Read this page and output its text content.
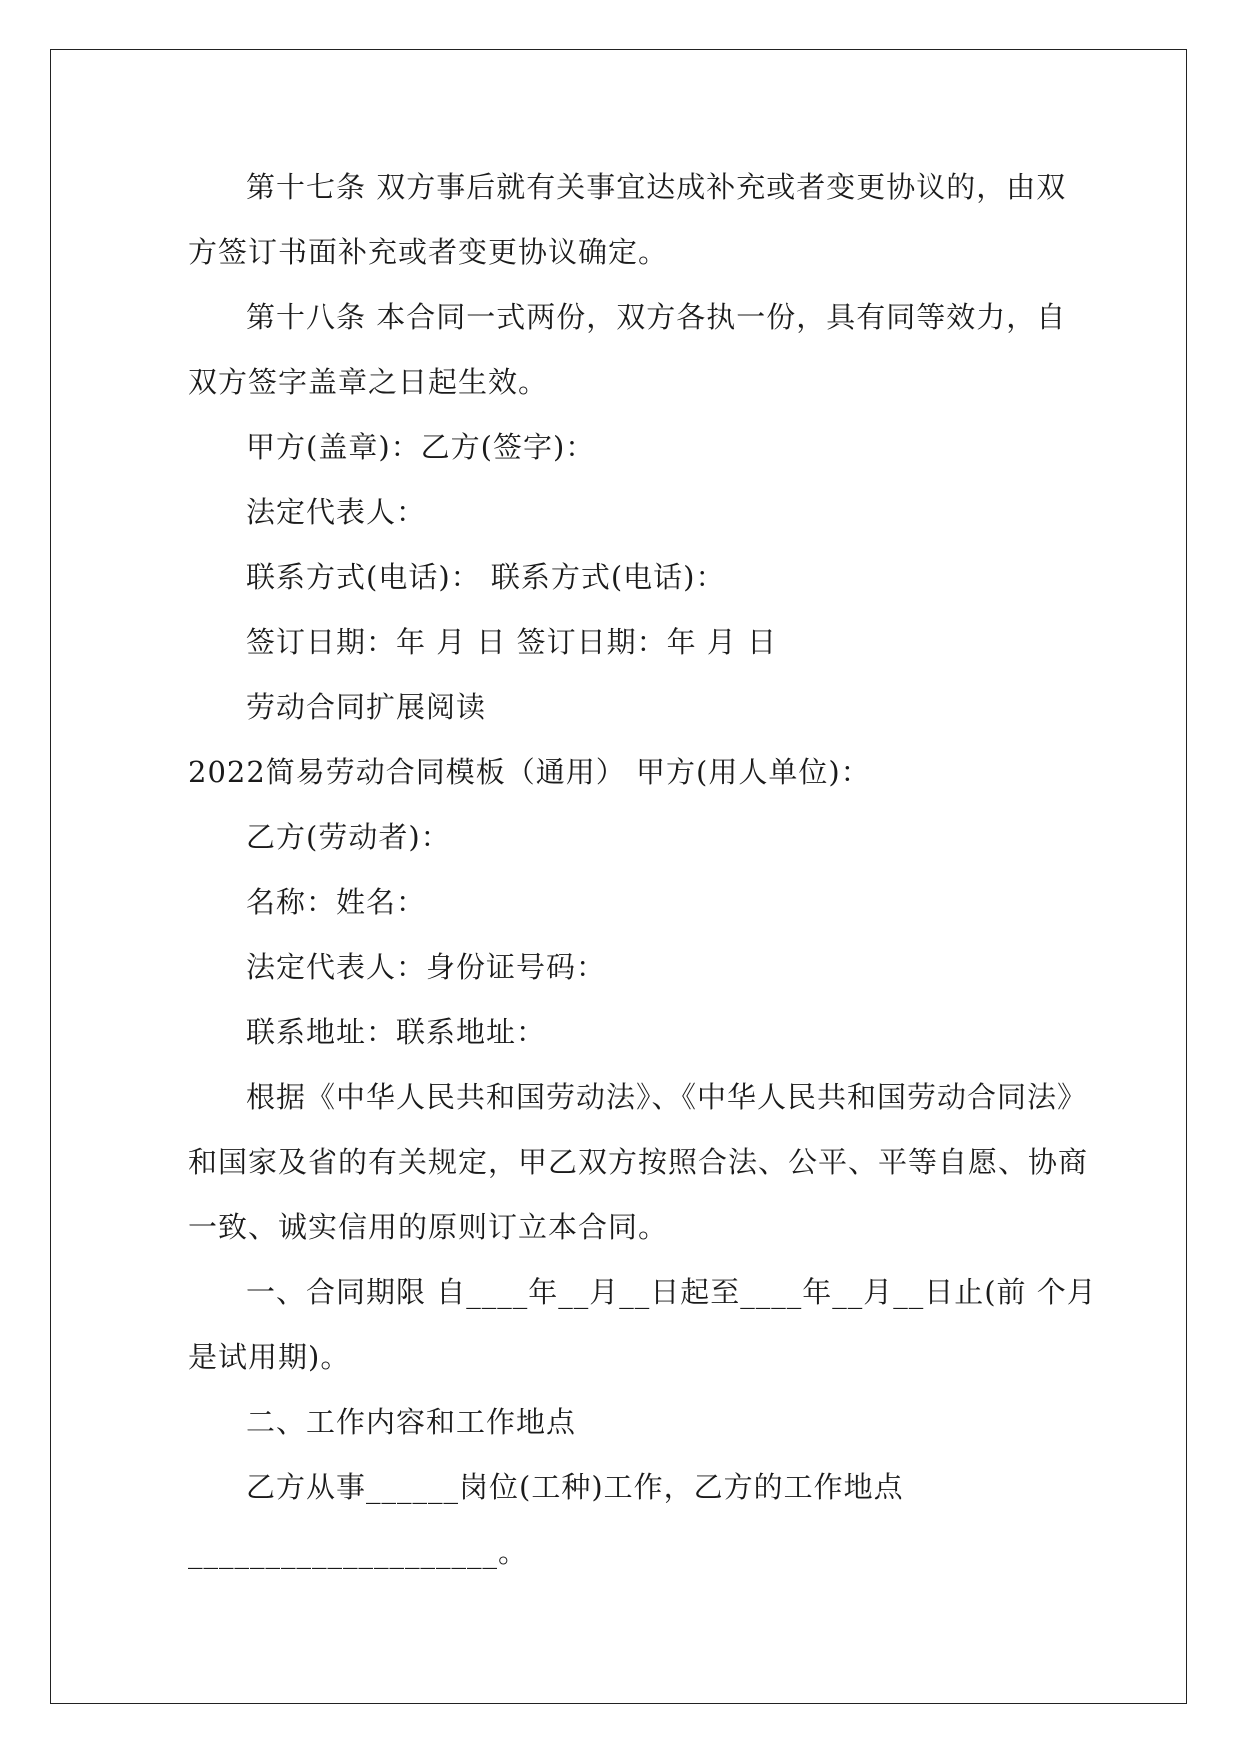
第十七条 双方事后就有关事宜达成补充或者变更协议的，由双
方签订书面补充或者变更协议确定。
第十八条 本合同一式两份，双方各执一份，具有同等效力，自
双方签字盖章之日起生效。
甲方(盖章)：乙方(签字)：
法定代表人：
联系方式(电话)： 联系方式(电话)：
签订日期：年 月 日 签订日期：年 月 日
劳动合同扩展阅读
2022简易劳动合同模板（通用） 甲方(用人单位)：
乙方(劳动者)：
名称：姓名：
法定代表人：身份证号码：
联系地址：联系地址：
根据《中华人民共和国劳动法》、《中华人民共和国劳动合同法》
和国家及省的有关规定，甲乙双方按照合法、公平、平等自愿、协商
一致、诚实信用的原则订立本合同。
一、合同期限 自____年__月__日起至____年__月__日止(前 个月
是试用期)。
二、工作内容和工作地点
乙方从事______岗位(工种)工作，乙方的工作地点
____________________。
